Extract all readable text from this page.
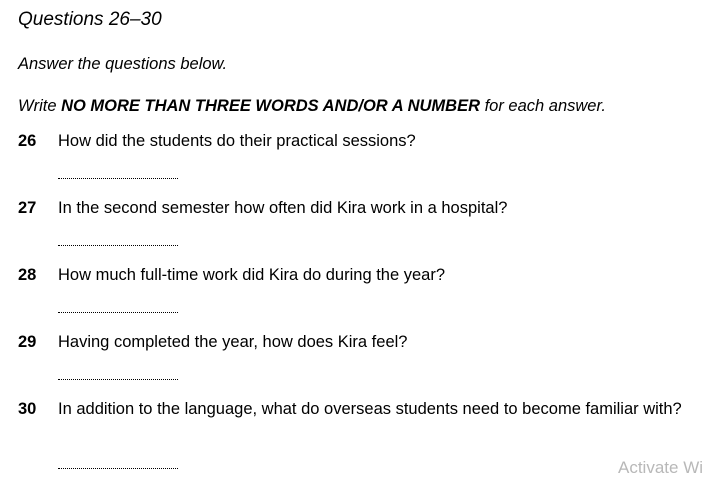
Questions 26–30
Answer the questions below.
Write NO MORE THAN THREE WORDS AND/OR A NUMBER for each answer.
26	How did the students do their practical sessions?
27	In the second semester how often did Kira work in a hospital?
28	How much full-time work did Kira do during the year?
29	Having completed the year, how does Kira feel?
30	In addition to the language, what do overseas students need to become familiar with?
Activate Wi
